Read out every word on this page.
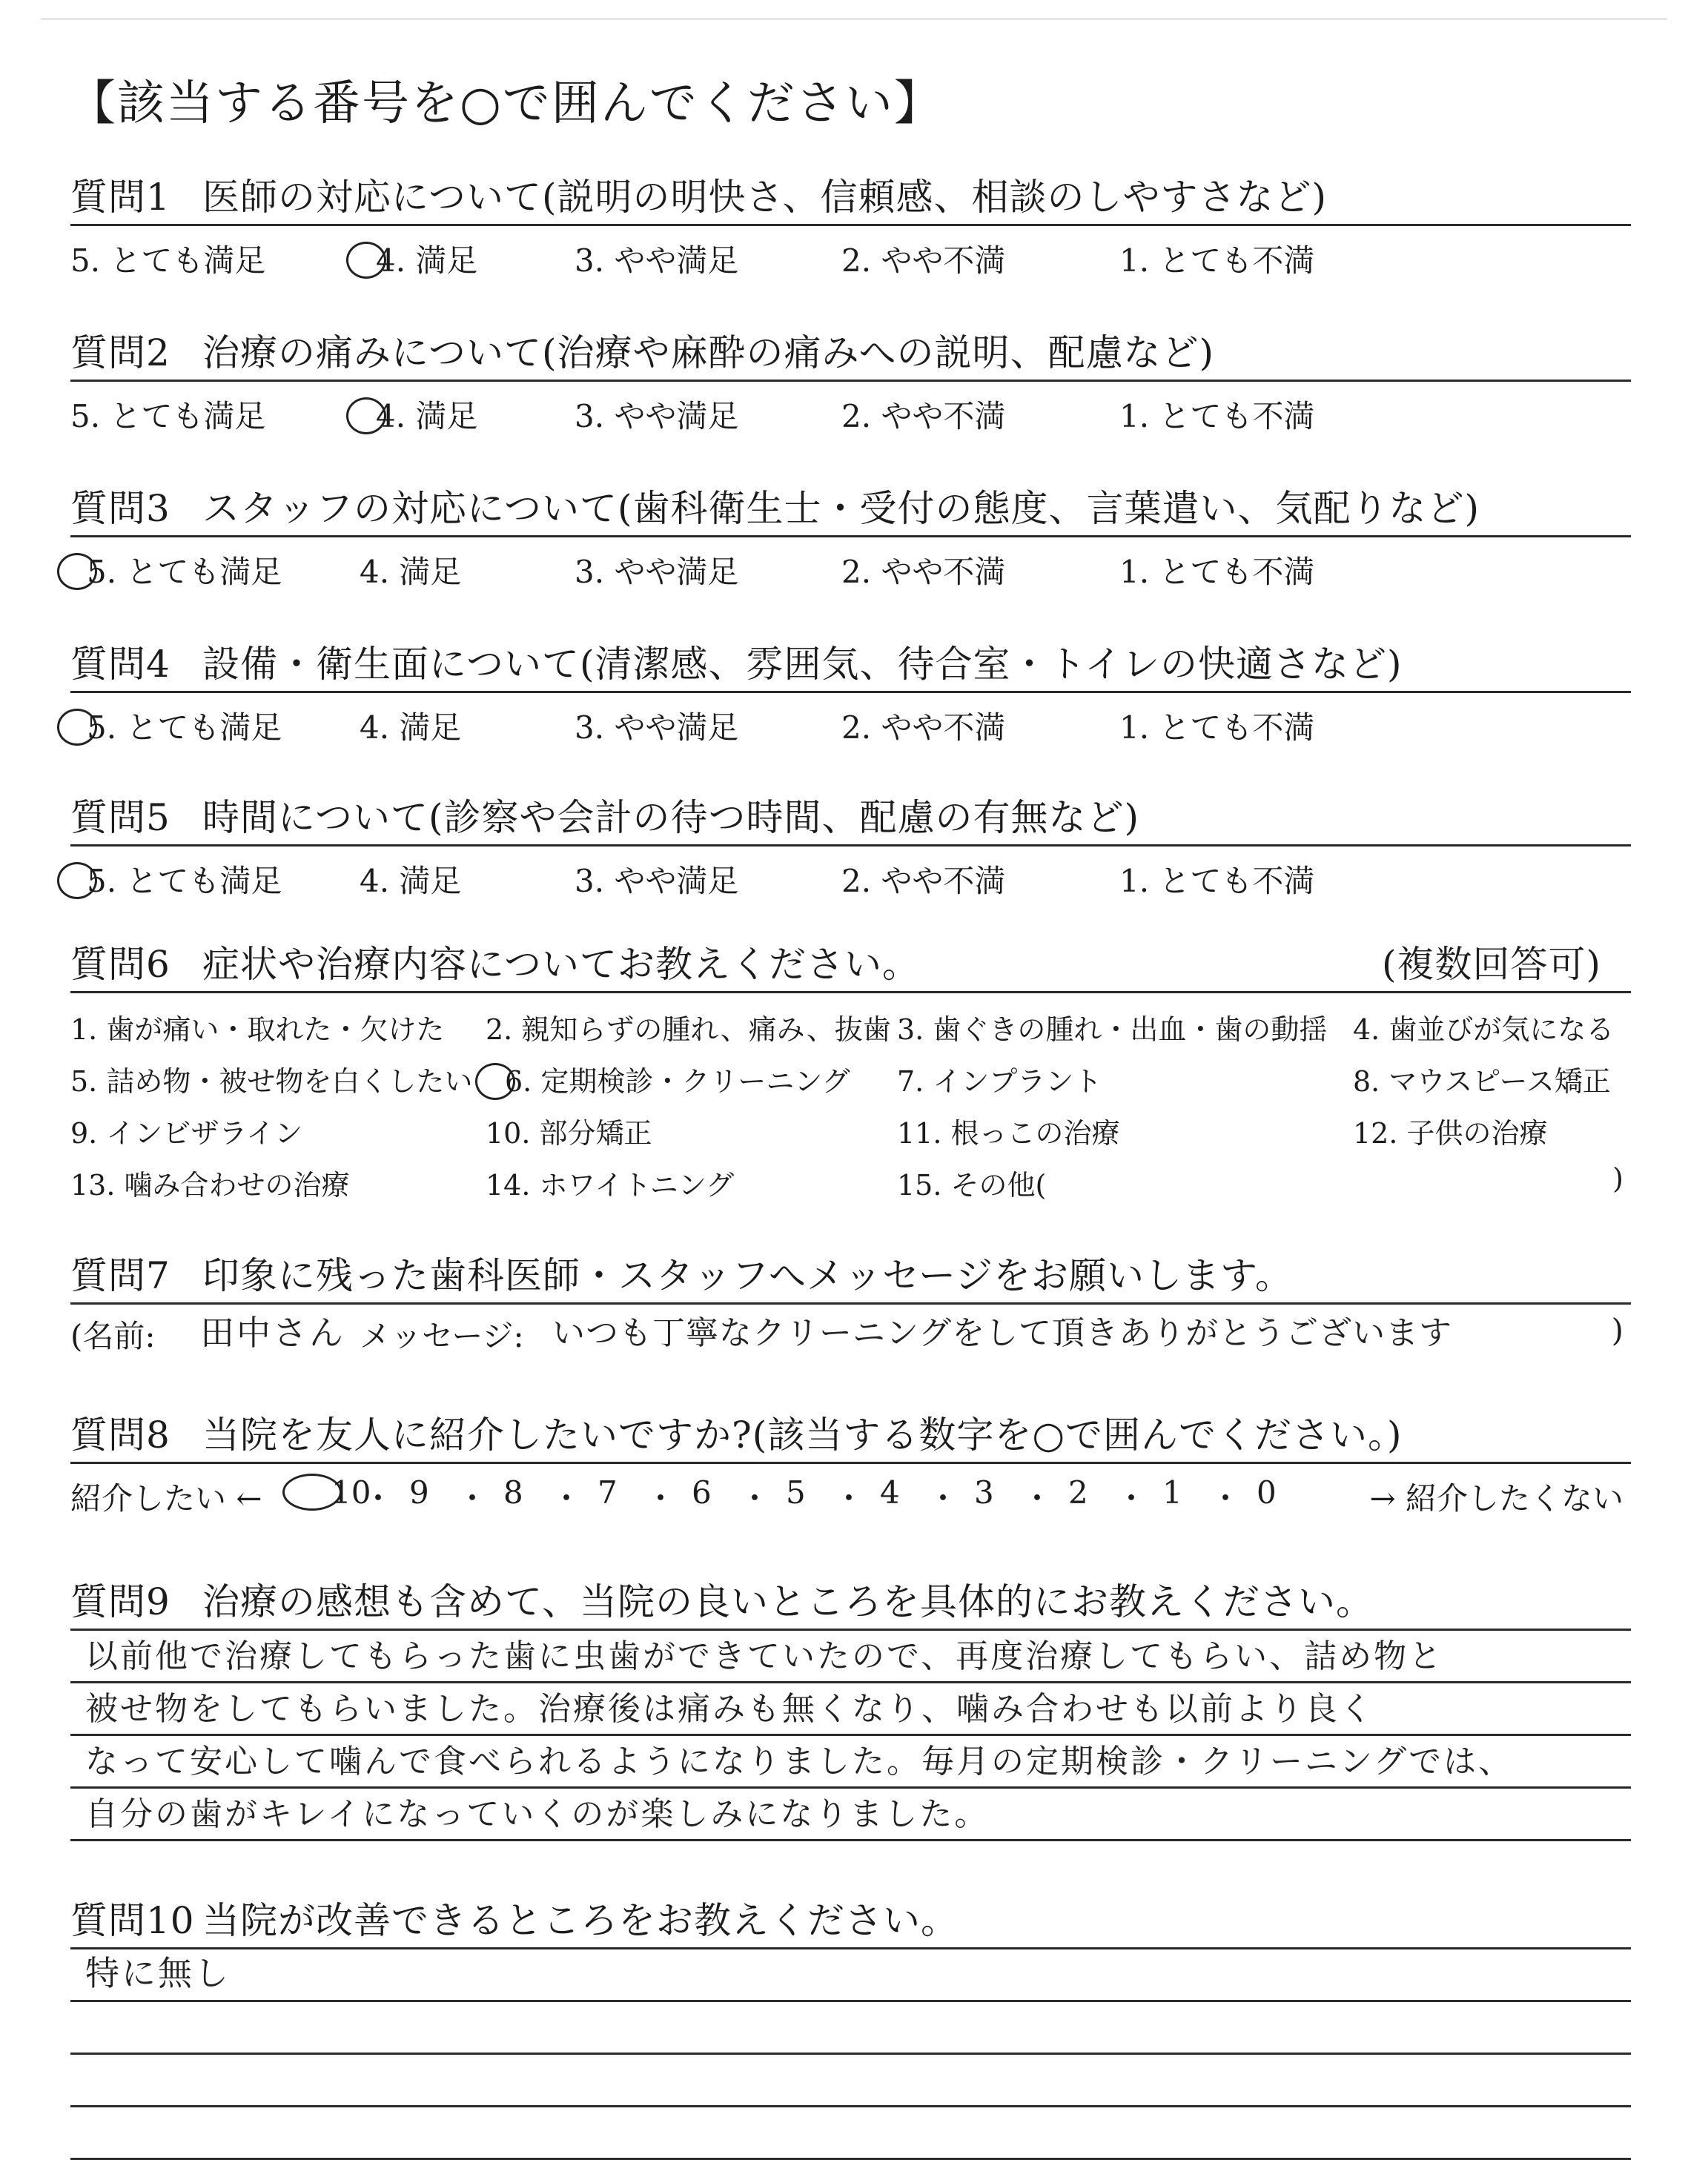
【該当する番号を○で囲んでください】
質問1 医師の対応について(説明の明快さ、信頼感、相談のしやすさなど)
5. とても満足	4. 満足	3. やや満足	2. やや不満	1. とても不満
質問2 治療の痛みについて(治療や麻酔の痛みへの説明、配慮など)
5. とても満足	4. 満足	3. やや満足	2. やや不満	1. とても不満
質問3 スタッフの対応について(歯科衛生士・受付の態度、言葉遣い、気配りなど)
5. とても満足 4. 満足	3. やや満足	2. やや不満	1. とても不満
質問4 設備・衛生面について(清潔感、雰囲気、待合室・トイレの快適さなど)
5. とても満足 4. 満足	3. やや満足	2. やや不満	1. とても不満
質問5 時間について(診察や会計の待つ時間、配慮の有無など)
5. とても満足 4. 満足	3. やや満足	2. やや不満	1. とても不満
質問6 症状や治療内容についてお教えください。	(複数回答可)
1. 歯が痛い・取れた・欠けた 2. 親知らずの腫れ、痛み、抜歯 3. 歯ぐきの腫れ・出血・歯の動揺 4. 歯並びが気になる
5. 詰め物・被せ物を白くしたい	6. 定期検診・クリーニング 7. インプラント	8. マウスピース矯正
9. インビザライン	10. 部分矯正	11. 根っこの治療	12. 子供の治療
13. 噛み合わせの治療	14. ホワイトニング	15. その他(	)
質問7 印象に残った歯科医師・スタッフへメッセージをお願いします。
(名前: 田中さん メッセージ: いつも丁寧なクリーニングをして頂きありがとうございます	)
質問8 当院を友人に紹介したいですか?(該当する数字を○で囲んでください。)
紹介したい ←	→ 紹介したくない
10
・ 9 ・ 8 ・ 7 ・ 6 ・ 5 ・ 4 ・ 3 ・ 2 ・ 1 ・ 0
質問9 治療の感想も含めて、当院の良いところを具体的にお教えください。
以前他で治療してもらった歯に虫歯ができていたので、再度治療してもらい、詰め物と
被せ物をしてもらいました。治療後は痛みも無くなり、噛み合わせも以前より良く
なって安心して噛んで食べられるようになりました。毎月の定期検診・クリーニングでは、
自分の歯がキレイになっていくのが楽しみになりました。
質問10 当院が改善できるところをお教えください。
特に無し
